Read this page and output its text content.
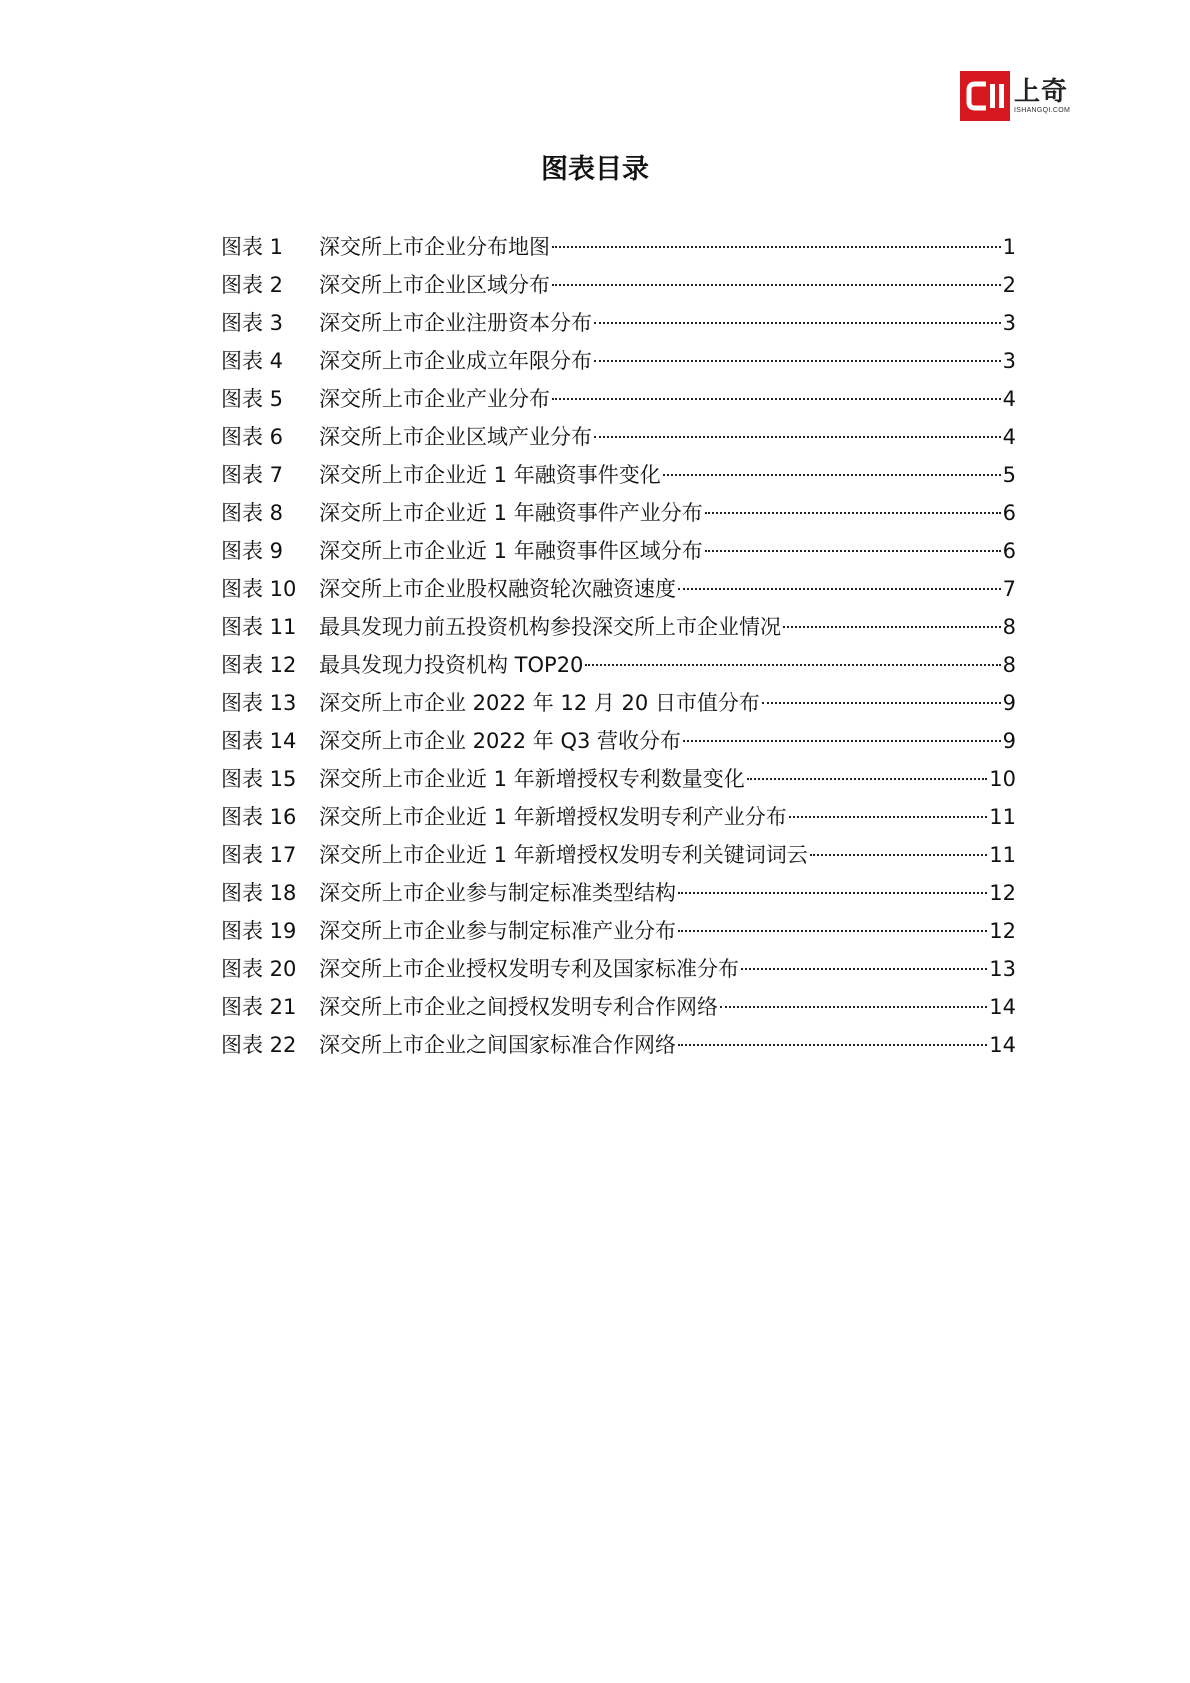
上奇
ISHANGQI.COM
图表目录
图表 1	深交所上市企业分布地图	1
图表 2	深交所上市企业区域分布	2
图表 3	深交所上市企业注册资本分布	3
图表 4	深交所上市企业成立年限分布	3
图表 5	深交所上市企业产业分布	4
图表 6	深交所上市企业区域产业分布	4
图表 7	深交所上市企业近 1 年融资事件变化	5
图表 8	深交所上市企业近 1 年融资事件产业分布	6
图表 9	深交所上市企业近 1 年融资事件区域分布	6
图表 10	深交所上市企业股权融资轮次融资速度	7
图表 11	最具发现力前五投资机构参投深交所上市企业情况	8
图表 12	最具发现力投资机构 TOP20	8
图表 13	深交所上市企业 2022 年 12 月 20 日市值分布	9
图表 14	深交所上市企业 2022 年 Q3 营收分布	9
图表 15	深交所上市企业近 1 年新增授权专利数量变化	10
图表 16	深交所上市企业近 1 年新增授权发明专利产业分布	11
图表 17	深交所上市企业近 1 年新增授权发明专利关键词词云	11
图表 18	深交所上市企业参与制定标准类型结构	12
图表 19	深交所上市企业参与制定标准产业分布	12
图表 20	深交所上市企业授权发明专利及国家标准分布	13
图表 21	深交所上市企业之间授权发明专利合作网络	14
图表 22	深交所上市企业之间国家标准合作网络	14
